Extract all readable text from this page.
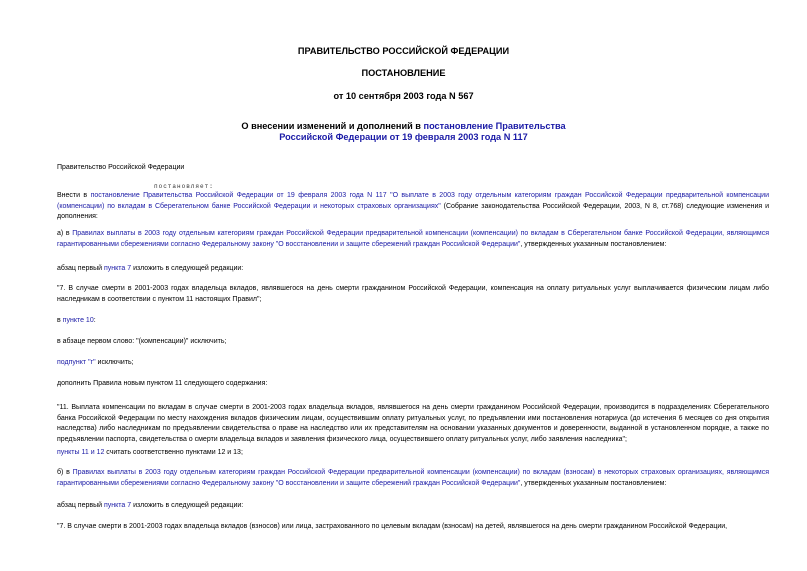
ПРАВИТЕЛЬСТВО РОССИЙСКОЙ ФЕДЕРАЦИИ
ПОСТАНОВЛЕНИЕ
от 10 сентября 2003 года N 567
О внесении изменений и дополнений в постановление Правительства
Российской Федерации от 19 февраля 2003 года N 117
Правительство Российской Федерации
постановляет:
Внести в постановление Правительства Российской Федерации от 19 февраля 2003 года N 117 "О выплате в 2003 году отдельным категориям граждан Российской Федерации предварительной компенсации (компенсации) по вкладам в Сберегательном банке Российской Федерации и некоторых страховых организациях" (Собрание законодательства Российской Федерации, 2003, N 8, ст.768) следующие изменения и дополнения:
а) в Правилах выплаты в 2003 году отдельным категориям граждан Российской Федерации предварительной компенсации (компенсации) по вкладам в Сберегательном банке Российской Федерации, являющимся гарантированными сбережениями согласно Федеральному закону "О восстановлении и защите сбережений граждан Российской Федерации", утвержденных указанным постановлением:
абзац первый пункта 7 изложить в следующей редакции:
"7. В случае смерти в 2001-2003 годах владельца вкладов, являвшегося на день смерти гражданином Российской Федерации, компенсация на оплату ритуальных услуг выплачивается физическим лицам либо наследникам в соответствии с пунктом 11 настоящих Правил";
в пункте 10:
в абзаце первом слово: "(компенсации)" исключить;
подпункт "г" исключить;
дополнить Правила новым пунктом 11 следующего содержания:
"11. Выплата компенсации по вкладам в случае смерти в 2001-2003 годах владельца вкладов, являвшегося на день смерти гражданином Российской Федерации, производится в подразделениях Сберегательного банка Российской Федерации по месту нахождения вкладов физическим лицам, осуществившим оплату ритуальных услуг, по предъявлении ими постановления нотариуса (до истечения 6 месяцев со дня открытия наследства) либо наследникам по предъявлении свидетельства о праве на наследство или их представителям на основании указанных документов и доверенности, выданной в установленном порядке, а также по предъявлении паспорта, свидетельства о смерти владельца вкладов и заявления физического лица, осуществившего оплату ритуальных услуг, либо заявления наследника";
пункты 11 и 12 считать соответственно пунктами 12 и 13;
б) в Правилах выплаты в 2003 году отдельным категориям граждан Российской Федерации предварительной компенсации (компенсации) по вкладам (взносам) в некоторых страховых организациях, являющимся гарантированными сбережениями согласно Федеральному закону "О восстановлении и защите сбережений граждан Российской Федерации", утвержденных указанным постановлением:
абзац первый пункта 7 изложить в следующей редакции:
"7. В случае смерти в 2001-2003 годах владельца вкладов (взносов) или лица, застрахованного по целевым вкладам (взносам) на детей, являвшегося на день смерти гражданином Российской Федерации,
